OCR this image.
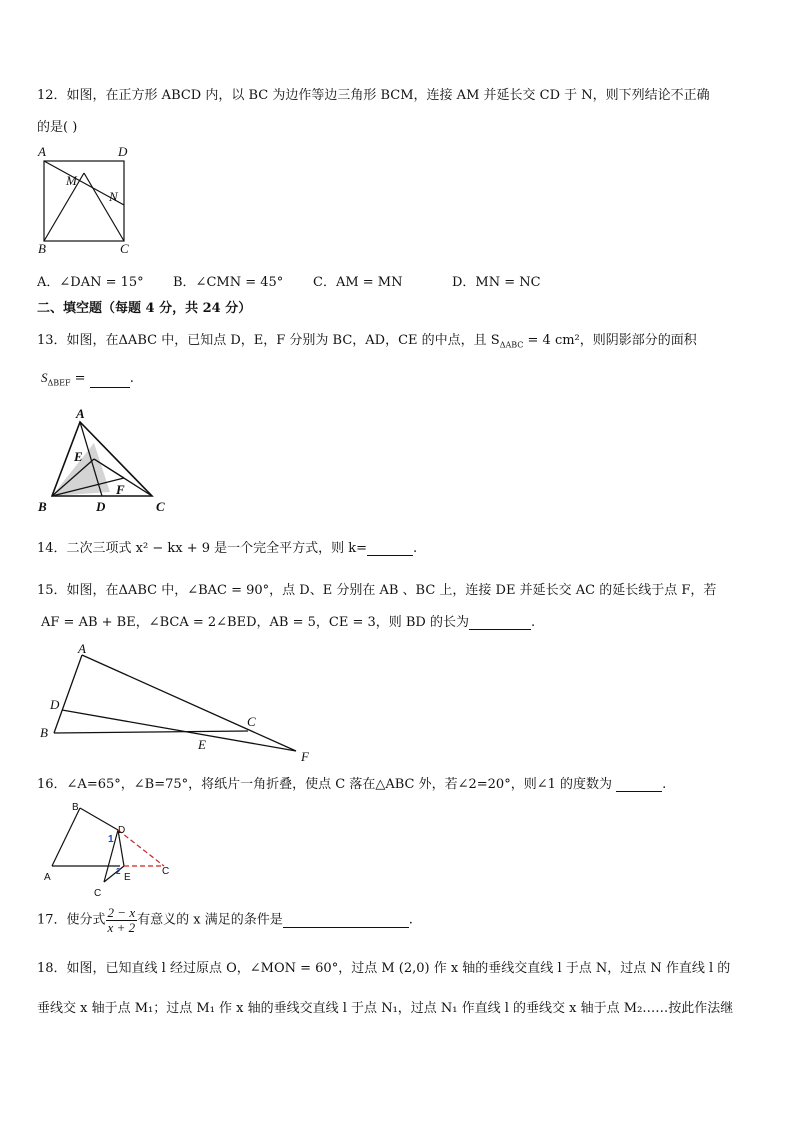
12．如图，在正方形 ABCD 内，以 BC 为边作等边三角形 BCM，连接 AM 并延长交 CD 于 N，则下列结论不正确
的是( )
A	D
M
N
B	C
A．∠DAN = 15° B．∠CMN = 45° C．AM = MN	D．MN = NC
二、填空题（每题 4 分，共 24 分）
13．如图，在ΔABC 中，已知点 D，E，F 分别为 BC，AD，CE 的中点，且 $S_{\Delta ABC} = 4$ cm²，则阴影部分的面积
$S_{\Delta BEF}$ =	.
A
E
F
B	D	C
14．二次三项式 x² − kx + 9 是一个完全平方式，则 k=	.
15．如图，在ΔABC 中，∠BAC = 90°，点 D、E 分别在 AB 、BC 上，连接 DE 并延长交 AC 的延长线于点 F，若
AF = AB + BE，∠BCA = 2∠BED，AB = 5，CE = 3，则 BD 的长为	.
A
D
B
E
C
F
16．∠A=65°，∠B=75°，将纸片一角折叠，使点 C 落在△ABC 外，若∠2=20°，则∠1 的度数为	.
B
A
D
1
2
E
C
C
17．使分式 $\frac{2 - x}{x + 2}$ 有意义的 x 满足的条件是	.
18．如图，已知直线 l 经过原点 O，∠MON = 60°，过点 M (2,0) 作 x 轴的垂线交直线 l 于点 N，过点 N 作直线 l 的
垂线交 x 轴于点 M₁；过点 M₁ 作 x 轴的垂线交直线 l 于点 N₁，过点 N₁ 作直线 l 的垂线交 x 轴于点 M₂……按此作法继
